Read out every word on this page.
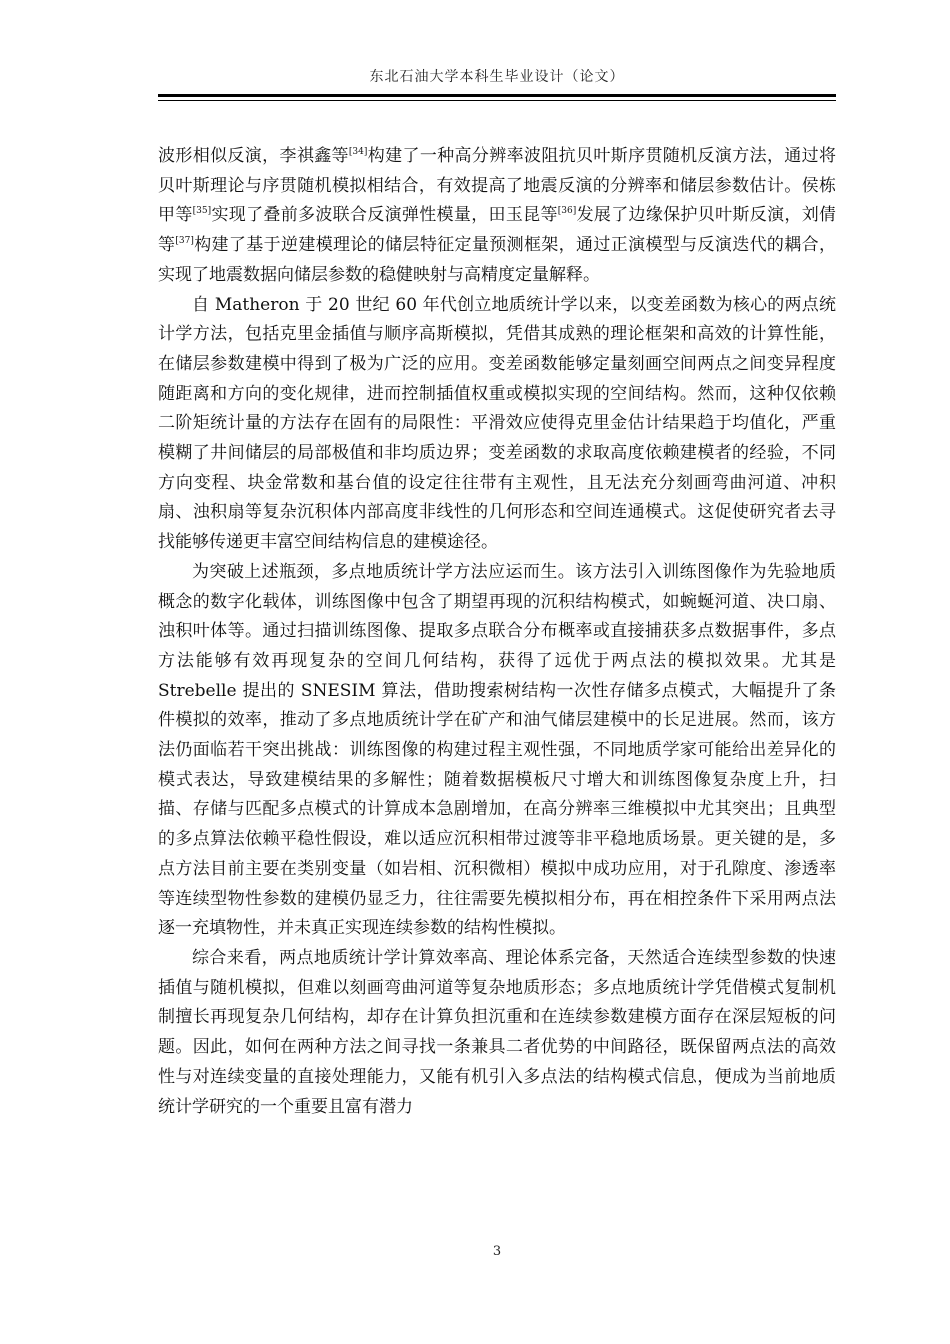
东北石油大学本科生毕业设计（论文）

波形相似反演，李祺鑫等[34]构建了一种高分辨率波阻抗贝叶斯序贯随机反演方法，通过将贝叶斯理论与序贯随机模拟相结合，有效提高了地震反演的分辨率和储层参数估计。侯栋甲等[35]实现了叠前多波联合反演弹性模量，田玉昆等[36]发展了边缘保护贝叶斯反演，刘倩等[37]构建了基于逆建模理论的储层特征定量预测框架，通过正演模型与反演迭代的耦合，实现了地震数据向储层参数的稳健映射与高精度定量解释。

自 Matheron 于 20 世纪 60 年代创立地质统计学以来，以变差函数为核心的两点统计学方法，包括克里金插值与顺序高斯模拟，凭借其成熟的理论框架和高效的计算性能，在储层参数建模中得到了极为广泛的应用。变差函数能够定量刻画空间两点之间变异程度随距离和方向的变化规律，进而控制插值权重或模拟实现的空间结构。然而，这种仅依赖二阶矩统计量的方法存在固有的局限性：平滑效应使得克里金估计结果趋于均值化，严重模糊了井间储层的局部极值和非均质边界；变差函数的求取高度依赖建模者的经验，不同方向变程、块金常数和基台值的设定往往带有主观性，且无法充分刻画弯曲河道、冲积扇、浊积扇等复杂沉积体内部高度非线性的几何形态和空间连通模式。这促使研究者去寻找能够传递更丰富空间结构信息的建模途径。

为突破上述瓶颈，多点地质统计学方法应运而生。该方法引入训练图像作为先验地质概念的数字化载体，训练图像中包含了期望再现的沉积结构模式，如蜿蜒河道、决口扇、浊积叶体等。通过扫描训练图像、提取多点联合分布概率或直接捕获多点数据事件，多点方法能够有效再现复杂的空间几何结构，获得了远优于两点法的模拟效果。尤其是 Strebelle 提出的 SNESIM 算法，借助搜索树结构一次性存储多点模式，大幅提升了条件模拟的效率，推动了多点地质统计学在矿产和油气储层建模中的长足进展。然而，该方法仍面临若干突出挑战：训练图像的构建过程主观性强，不同地质学家可能给出差异化的模式表达，导致建模结果的多解性；随着数据模板尺寸增大和训练图像复杂度上升，扫描、存储与匹配多点模式的计算成本急剧增加，在高分辨率三维模拟中尤其突出；且典型的多点算法依赖平稳性假设，难以适应沉积相带过渡等非平稳地质场景。更关键的是，多点方法目前主要在类别变量（如岩相、沉积微相）模拟中成功应用，对于孔隙度、渗透率等连续型物性参数的建模仍显乏力，往往需要先模拟相分布，再在相控条件下采用两点法逐一充填物性，并未真正实现连续参数的结构性模拟。

综合来看，两点地质统计学计算效率高、理论体系完备，天然适合连续型参数的快速插值与随机模拟，但难以刻画弯曲河道等复杂地质形态；多点地质统计学凭借模式复制机制擅长再现复杂几何结构，却存在计算负担沉重和在连续参数建模方面存在深层短板的问题。因此，如何在两种方法之间寻找一条兼具二者优势的中间路径，既保留两点法的高效性与对连续变量的直接处理能力，又能有机引入多点法的结构模式信息，便成为当前地质统计学研究的一个重要且富有潜力

3
